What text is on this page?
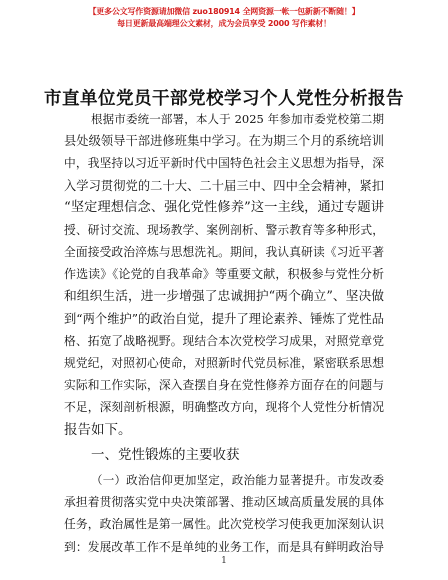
【更多公文写作资源请加微信 zuo180914 全网资源一帐一包新新不断随！】
每日更新最高端理公文素材，成为会员享受 2000 写作素材！
市直单位党员干部党校学习个人党性分析报告
根据市委统一部署，本人于 2025 年参加市委党校第二期
县处级领导干部进修班集中学习。在为期三个月的系统培训
中，我坚持以习近平新时代中国特色社会主义思想为指导，深
入学习贯彻党的二十大、二十届三中、四中全会精神，紧扣
“坚定理想信念、强化党性修养”这一主线，通过专题讲
授、研讨交流、现场教学、案例剖析、警示教育等多种形式，
全面接受政治淬炼与思想洗礼。期间，我认真研读《习近平著
作选读》《论党的自我革命》等重要文献，积极参与党性分析
和组织生活，进一步增强了忠诚拥护“两个确立”、坚决做
到“两个维护”的政治自觉，提升了理论素养、锤炼了党性品
格、拓宽了战略视野。现结合本次党校学习成果，对照党章党
规党纪，对照初心使命，对照新时代党员标准，紧密联系思想
实际和工作实际，深入查摆自身在党性修养方面存在的问题与
不足，深刻剖析根源，明确整改方向，现将个人党性分析情况
报告如下。
一、党性锻炼的主要收获
（一）政治信仰更加坚定，政治能力显著提升。市发改委
承担着贯彻落实党中央决策部署、推动区域高质量发展的具体
任务，政治属性是第一属性。此次党校学习使我更加深刻认识
到：发展改革工作不是单纯的业务工作，而是具有鲜明政治导
1
